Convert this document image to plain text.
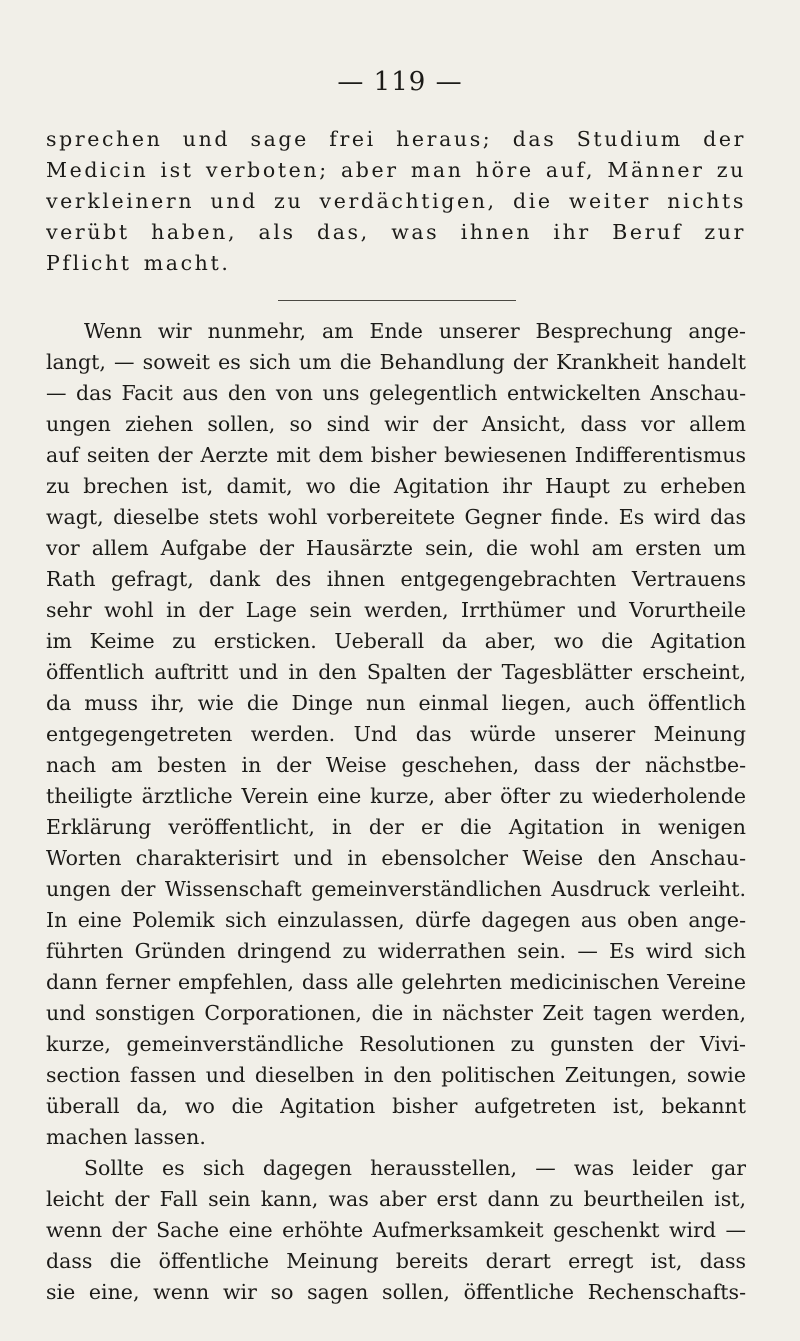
— 119 —
sprechen und sage frei heraus; das Studium der
Medicin ist verboten; aber man höre auf, Männer zu
verkleinern und zu verdächtigen, die weiter nichts
verübt haben, als das, was ihnen ihr Beruf zur
Pflicht macht.
Wenn wir nunmehr, am Ende unserer Besprechung ange-
langt, — soweit es sich um die Behandlung der Krankheit handelt
— das Facit aus den von uns gelegentlich entwickelten Anschau-
ungen ziehen sollen, so sind wir der Ansicht, dass vor allem
auf seiten der Aerzte mit dem bisher bewiesenen Indifferentismus
zu brechen ist, damit, wo die Agitation ihr Haupt zu erheben
wagt, dieselbe stets wohl vorbereitete Gegner finde. Es wird das
vor allem Aufgabe der Hausärzte sein, die wohl am ersten um
Rath gefragt, dank des ihnen entgegengebrachten Vertrauens
sehr wohl in der Lage sein werden, Irrthümer und Vorurtheile
im Keime zu ersticken. Ueberall da aber, wo die Agitation
öffentlich auftritt und in den Spalten der Tagesblätter erscheint,
da muss ihr, wie die Dinge nun einmal liegen, auch öffentlich
entgegengetreten werden. Und das würde unserer Meinung
nach am besten in der Weise geschehen, dass der nächstbe-
theiligte ärztliche Verein eine kurze, aber öfter zu wiederholende
Erklärung veröffentlicht, in der er die Agitation in wenigen
Worten charakterisirt und in ebensolcher Weise den Anschau-
ungen der Wissenschaft gemeinverständlichen Ausdruck verleiht.
In eine Polemik sich einzulassen, dürfe dagegen aus oben ange-
führten Gründen dringend zu widerrathen sein. — Es wird sich
dann ferner empfehlen, dass alle gelehrten medicinischen Vereine
und sonstigen Corporationen, die in nächster Zeit tagen werden,
kurze, gemeinverständliche Resolutionen zu gunsten der Vivi-
section fassen und dieselben in den politischen Zeitungen, sowie
überall da, wo die Agitation bisher aufgetreten ist, bekannt
machen lassen.
Sollte es sich dagegen herausstellen, — was leider gar
leicht der Fall sein kann, was aber erst dann zu beurtheilen ist,
wenn der Sache eine erhöhte Aufmerksamkeit geschenkt wird —
dass die öffentliche Meinung bereits derart erregt ist, dass
sie eine, wenn wir so sagen sollen, öffentliche Rechenschafts-
